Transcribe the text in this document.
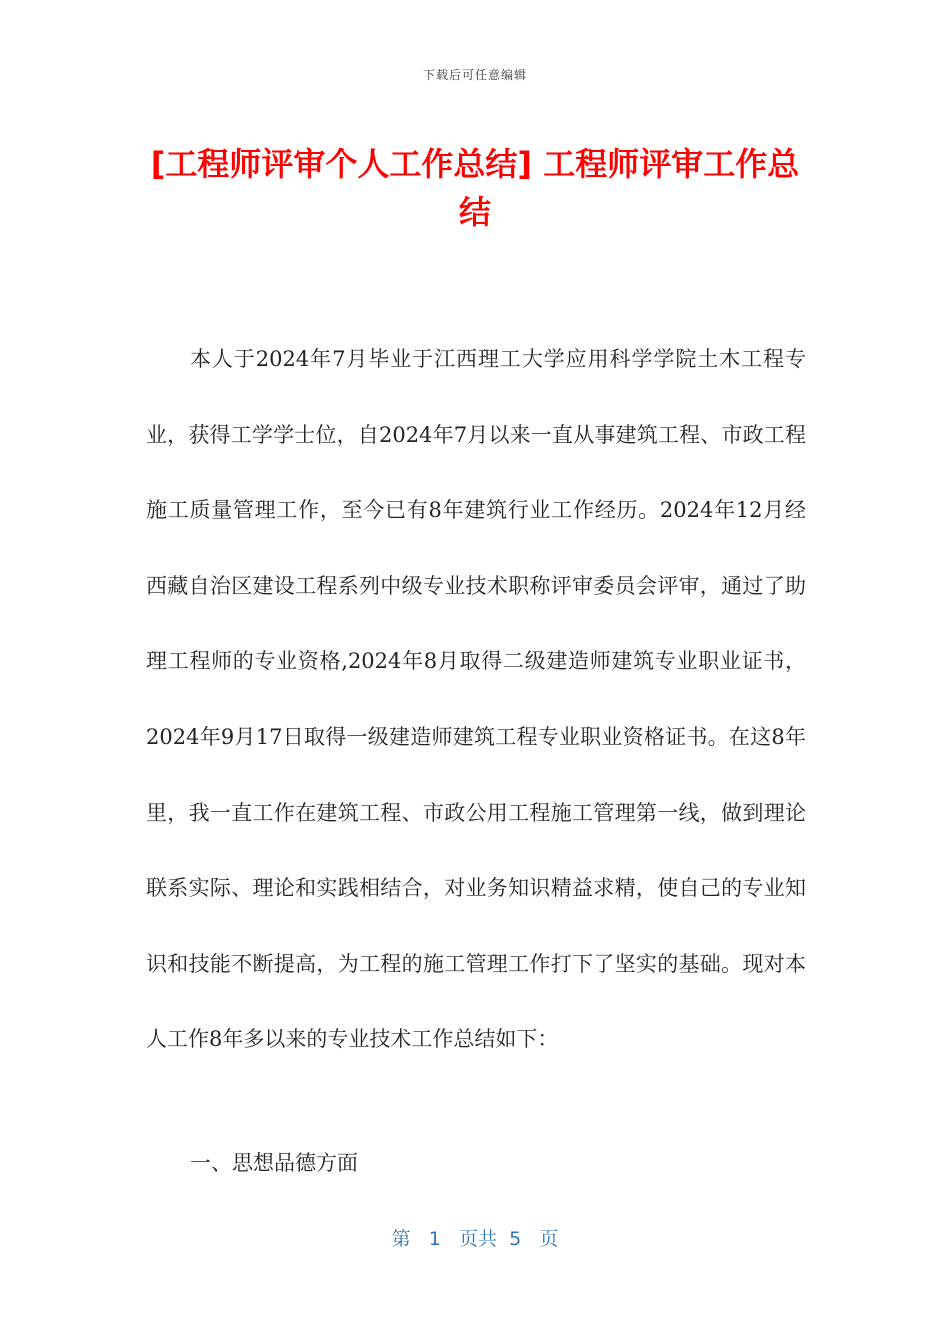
下载后可任意编辑
[工程师评审个人工作总结] 工程师评审工作总结

本人于2024年7月毕业于江西理工大学应用科学学院土木工程专业，获得工学学士位，自2024年7月以来一直从事建筑工程、市政工程施工质量管理工作，至今已有8年建筑行业工作经历。2024年12月经西藏自治区建设工程系列中级专业技术职称评审委员会评审，通过了助理工程师的专业资格,2024年8月取得二级建造师建筑专业职业证书，2024年9月17日取得一级建造师建筑工程专业职业资格证书。在这8年里，我一直工作在建筑工程、市政公用工程施工管理第一线，做到理论联系实际、理论和实践相结合，对业务知识精益求精，使自己的专业知识和技能不断提高，为工程的施工管理工作打下了坚实的基础。现对本人工作8年多以来的专业技术工作总结如下：

一、思想品德方面
第 1 页共 5 页
